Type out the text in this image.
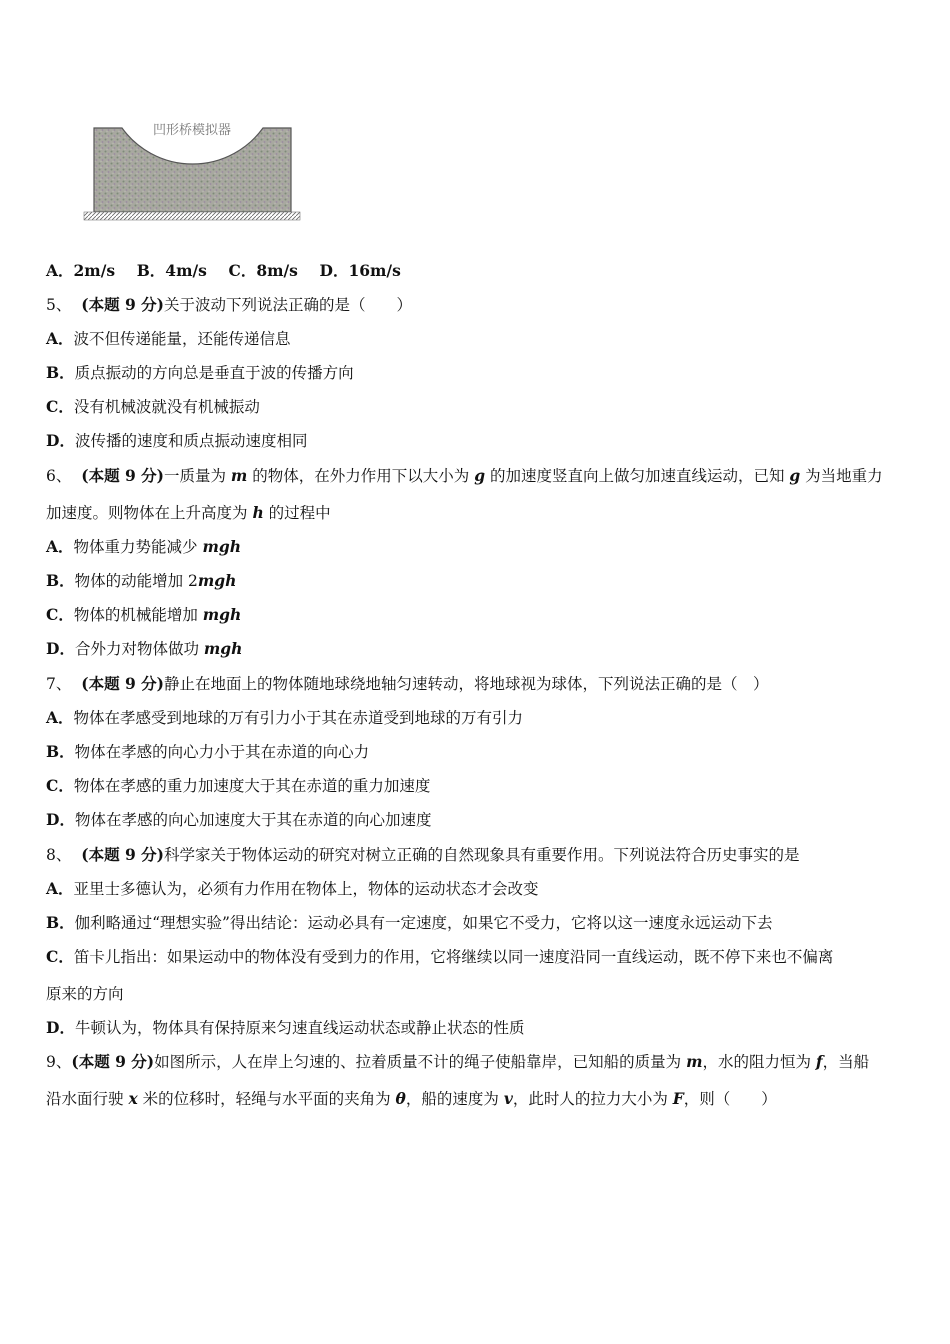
凹形桥模拟器
A．2m/s B．4m/s C．8m/s D．16m/s
5、 (本题 9 分)关于波动下列说法正确的是（　　）
A．波不但传递能量，还能传递信息
B．质点振动的方向总是垂直于波的传播方向
C．没有机械波就没有机械振动
D．波传播的速度和质点振动速度相同
6、 (本题 9 分)一质量为 m 的物体，在外力作用下以大小为 g 的加速度竖直向上做匀加速直线运动，已知 g 为当地重力
加速度。则物体在上升高度为 h 的过程中
A．物体重力势能减少 mgh
B．物体的动能增加 2mgh
C．物体的机械能增加 mgh
D．合外力对物体做功 mgh
7、 (本题 9 分)静止在地面上的物体随地球绕地轴匀速转动，将地球视为球体，下列说法正确的是（　）
A．物体在孝感受到地球的万有引力小于其在赤道受到地球的万有引力
B．物体在孝感的向心力小于其在赤道的向心力
C．物体在孝感的重力加速度大于其在赤道的重力加速度
D．物体在孝感的向心加速度大于其在赤道的向心加速度
8、 (本题 9 分)科学家关于物体运动的研究对树立正确的自然现象具有重要作用。下列说法符合历史事实的是
A．亚里士多德认为，必须有力作用在物体上，物体的运动状态才会改变
B．伽利略通过“理想实验”得出结论：运动必具有一定速度，如果它不受力，它将以这一速度永远运动下去
C．笛卡儿指出：如果运动中的物体没有受到力的作用，它将继续以同一速度沿同一直线运动，既不停下来也不偏离
原来的方向
D．牛顿认为，物体具有保持原来匀速直线运动状态或静止状态的性质
9、(本题 9 分)如图所示，人在岸上匀速的、拉着质量不计的绳子使船靠岸，已知船的质量为 m，水的阻力恒为 f，当船
沿水面行驶 x 米的位移时，轻绳与水平面的夹角为 θ，船的速度为 v，此时人的拉力大小为 F，则（　　）
